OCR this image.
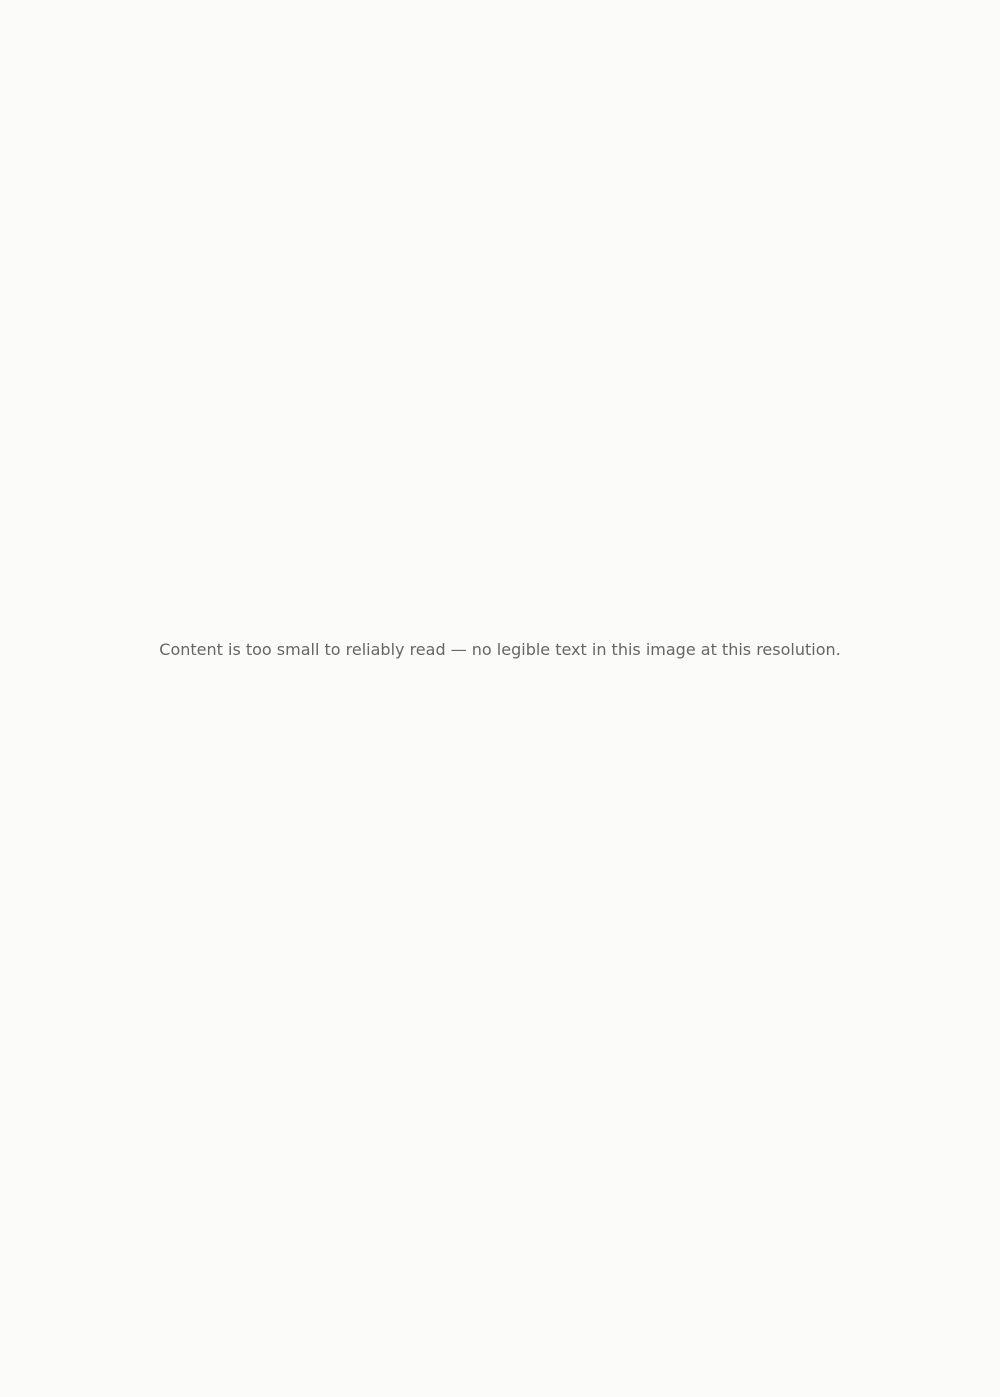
Content is too small to reliably read — no legible text in this image at this resolution.
